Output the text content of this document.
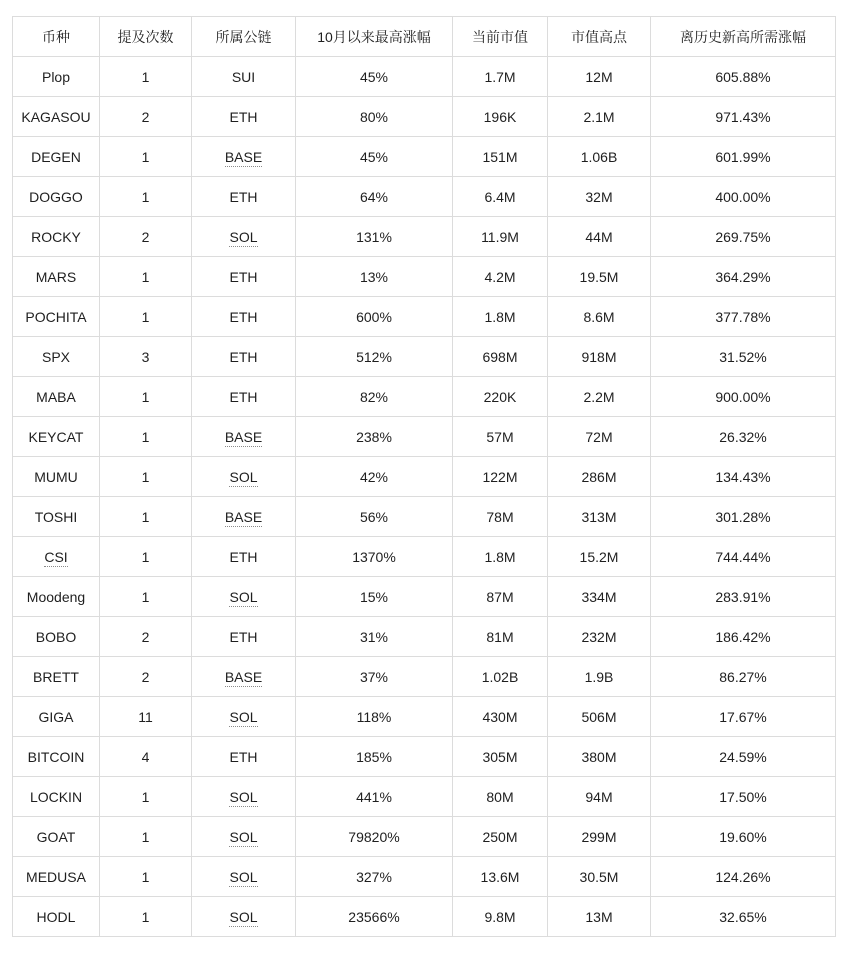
币种	提及次数	所属公链	10月以来最高涨幅	当前市值	市值高点	离历史新高所需涨幅
Plop	1	SUI	45%	1.7M	12M	605.88%
KAGASOU	2	ETH	80%	196K	2.1M	971.43%
DEGEN	1	BASE	45%	151M	1.06B	601.99%
DOGGO	1	ETH	64%	6.4M	32M	400.00%
ROCKY	2	SOL	131%	11.9M	44M	269.75%
MARS	1	ETH	13%	4.2M	19.5M	364.29%
POCHITA	1	ETH	600%	1.8M	8.6M	377.78%
SPX	3	ETH	512%	698M	918M	31.52%
MABA	1	ETH	82%	220K	2.2M	900.00%
KEYCAT	1	BASE	238%	57M	72M	26.32%
MUMU	1	SOL	42%	122M	286M	134.43%
TOSHI	1	BASE	56%	78M	313M	301.28%
CSI	1	ETH	1370%	1.8M	15.2M	744.44%
Moodeng	1	SOL	15%	87M	334M	283.91%
BOBO	2	ETH	31%	81M	232M	186.42%
BRETT	2	BASE	37%	1.02B	1.9B	86.27%
GIGA	11	SOL	118%	430M	506M	17.67%
BITCOIN	4	ETH	185%	305M	380M	24.59%
LOCKIN	1	SOL	441%	80M	94M	17.50%
GOAT	1	SOL	79820%	250M	299M	19.60%
MEDUSA	1	SOL	327%	13.6M	30.5M	124.26%
HODL	1	SOL	23566%	9.8M	13M	32.65%
